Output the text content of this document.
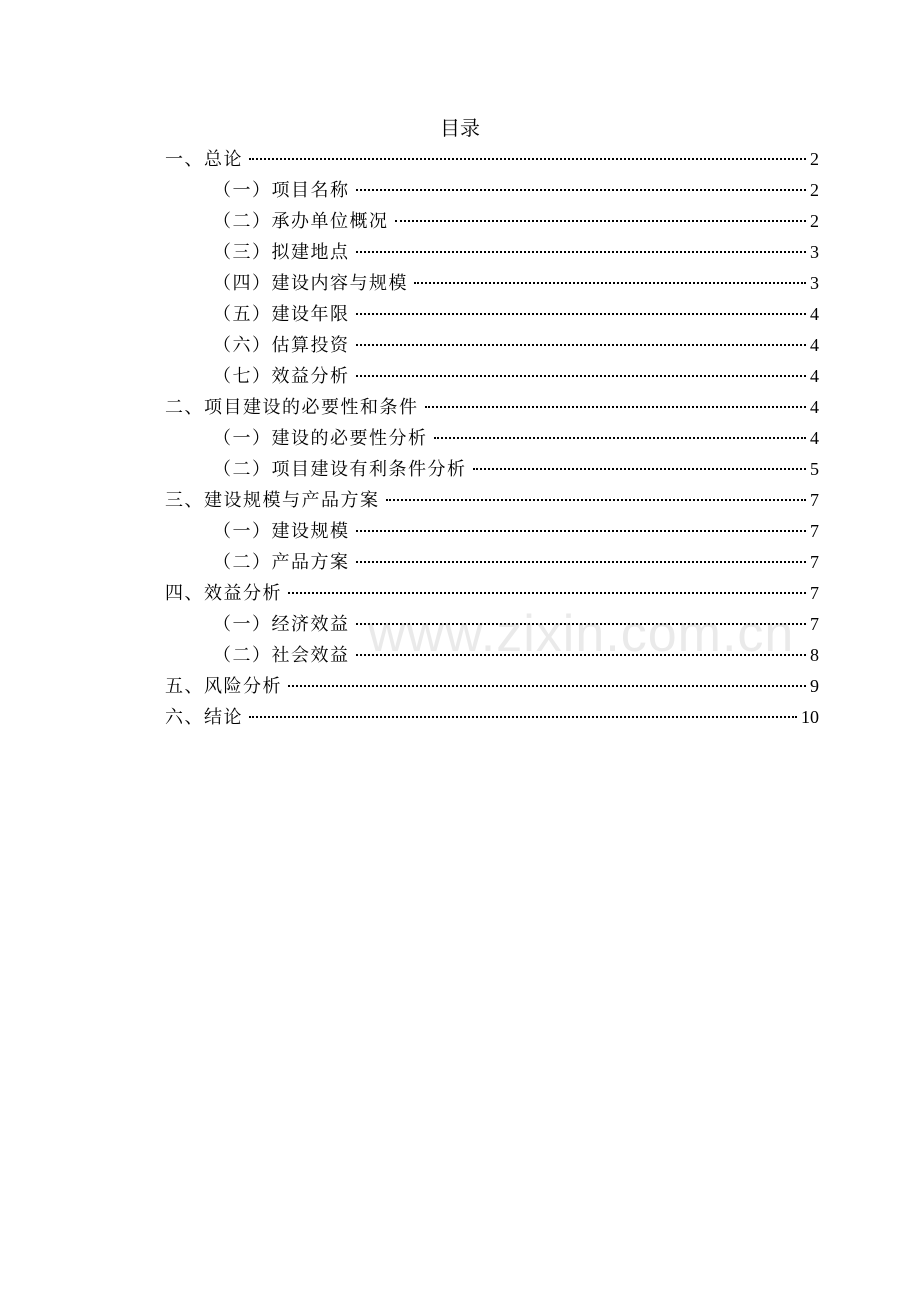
目录
一、总论	2
（一）项目名称	2
（二）承办单位概况	2
（三）拟建地点	3
（四）建设内容与规模	3
（五）建设年限	4
（六）估算投资	4
（七）效益分析	4
二、项目建设的必要性和条件	4
（一）建设的必要性分析	4
（二）项目建设有利条件分析	5
三、建设规模与产品方案	7
（一）建设规模	7
（二）产品方案	7
四、效益分析	7
（一）经济效益	7
（二）社会效益	8
五、风险分析	9
六、结论	10
www.zixin.com.cn
